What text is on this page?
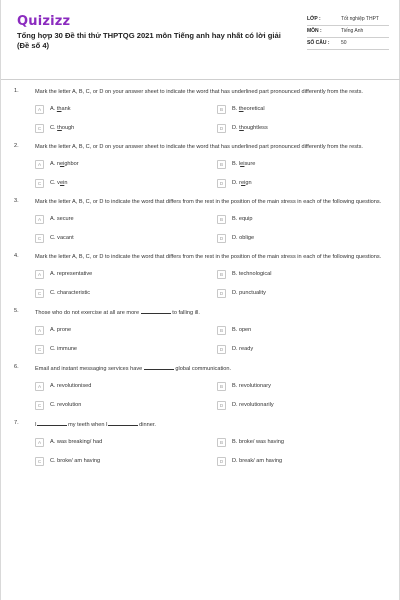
Quizizz
Tổng hợp 30 Đề thi thử THPTQG 2021 môn Tiếng anh hay nhất có lời giải (Đề số 4)
LỚP :	Tốt nghiệp THPT
MÔN :	Tiếng Anh
SỐ CÂU : 50
1.	Mark the letter A, B, C, or D on your answer sheet to indicate the word that has underlined part pronounced differently from the rests.
A	A. thank	B	B. theoretical
C	C. though	D	D. thoughtless
2.	Mark the letter A, B, C, or D on your answer sheet to indicate the word that has underlined part pronounced differently from the rests.
A	A. neighbor	B	B. leisure
C	C. vein	D	D. reign
3.	Mark the letter A, B, C, or D to indicate the word that differs from the rest in the position of the main stress in each of the following questions.
A	A. secure	B	B. equip
C	C. vacant	D	D. oblige
4.	Mark the letter A, B, C, or D to indicate the word that differs from the rest in the position of the main stress in each of the following questions.
A	A. representative	B	B. technological
C	C. characteristic	D	D. punctuality
5.	Those who do not exercise at all are more	to falling ill.
A	A. prone	B	B. open
C	C. immune	D	D. ready
6.	Email and instant messaging services have	global communication.
A	A. revolutionised	B	B. revolutionary
C	C. revolution	D	D. revolutionarily
7.	I	my teeth when I	dinner.
A	A. was breaking/ had	B	B. broke/ was having
C	C. broke/ am having	D	D. break/ am having
